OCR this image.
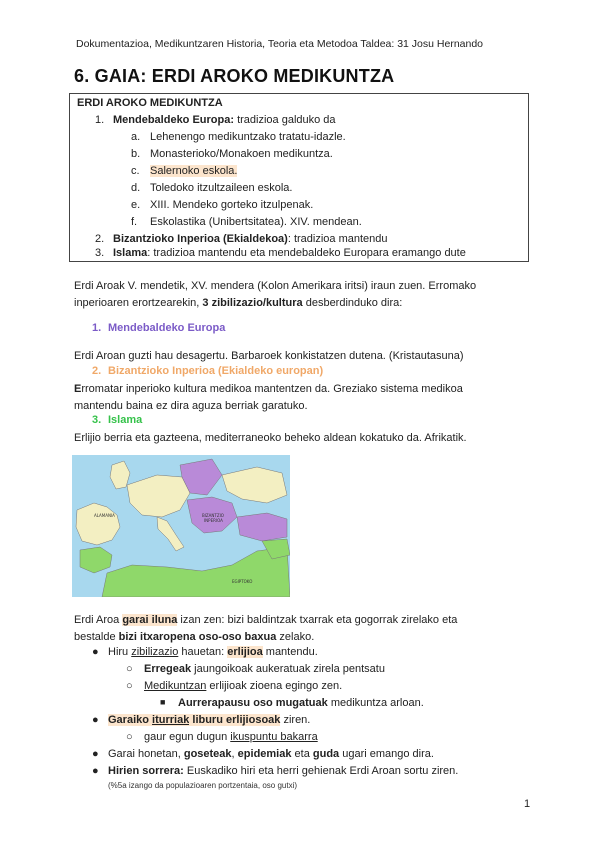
Dokumentazioa, Medikuntzaren Historia, Teoria eta Metodoa Taldea: 31 Josu Hernando
6. GAIA: ERDI AROKO MEDIKUNTZA
ERDI AROKO MEDIKUNTZA
1. Mendebaldeko Europa: tradizioa galduko da
a. Lehenengo medikuntzako tratatu-idazle.
b. Monasterioko/Monakoen medikuntza.
c. Salernoko eskola.
d. Toledoko itzultzaileen eskola.
e. XIII. Mendeko gorteko itzulpenak.
f. Eskolastika (Unibertsitatea). XIV. mendean.
2. Bizantzioko Inperioa (Ekialdekoa): tradizioa mantendu
3. Islama: tradizioa mantendu eta mendebaldeko Europara eramango dute

Erdi Aroak V. mendetik, XV. mendera (Kolon Amerikara iritsi) iraun zuen. Erromako

inperioaren erortzearekin, 3 zibilizazio/kultura desberdinduko dira:

1. Mendebaldeko Europa
Erdi Aroan guzti hau desagertu. Barbaroek konkistatzen dutena. (Kristautasuna)
2. Bizantzioko Inperioa (Ekialdeko europan)

Erromatar inperioko kultura medikoa mantentzen da. Greziako sistema medikoa

mantendu baina ez dira aguza berriak garatuko.

3. Islama
Erlijio berria eta gazteena, mediterraneoko beheko aldean kokatuko da. Afrikatik.
ALAMANIA
EGIPTOKO
BIZANTZIO
INPERIOA

Erdi Aroa garai iluna izan zen: bizi baldintzak txarrak eta gogorrak zirelako eta

bestalde bizi itxaropena oso-oso baxua zelako.

● Hiru zibilizazio hauetan: erlijioa mantendu.
○ Erregeak jaungoikoak aukeratuak zirela pentsatu
○ Medikuntzan erlijioak zioena egingo zen.
■ Aurrerapausu oso mugatuak medikuntza arloan.
● Garaiko iturriak liburu erlijiosoak ziren.
○ gaur egun dugun ikuspuntu bakarra
● Garai honetan, goseteak, epidemiak eta guda ugari emango dira.
● Hirien sorrera: Euskadiko hiri eta herri gehienak Erdi Aroan sortu ziren.
(%5a izango da populazioaren portzentaia, oso gutxi)
1
